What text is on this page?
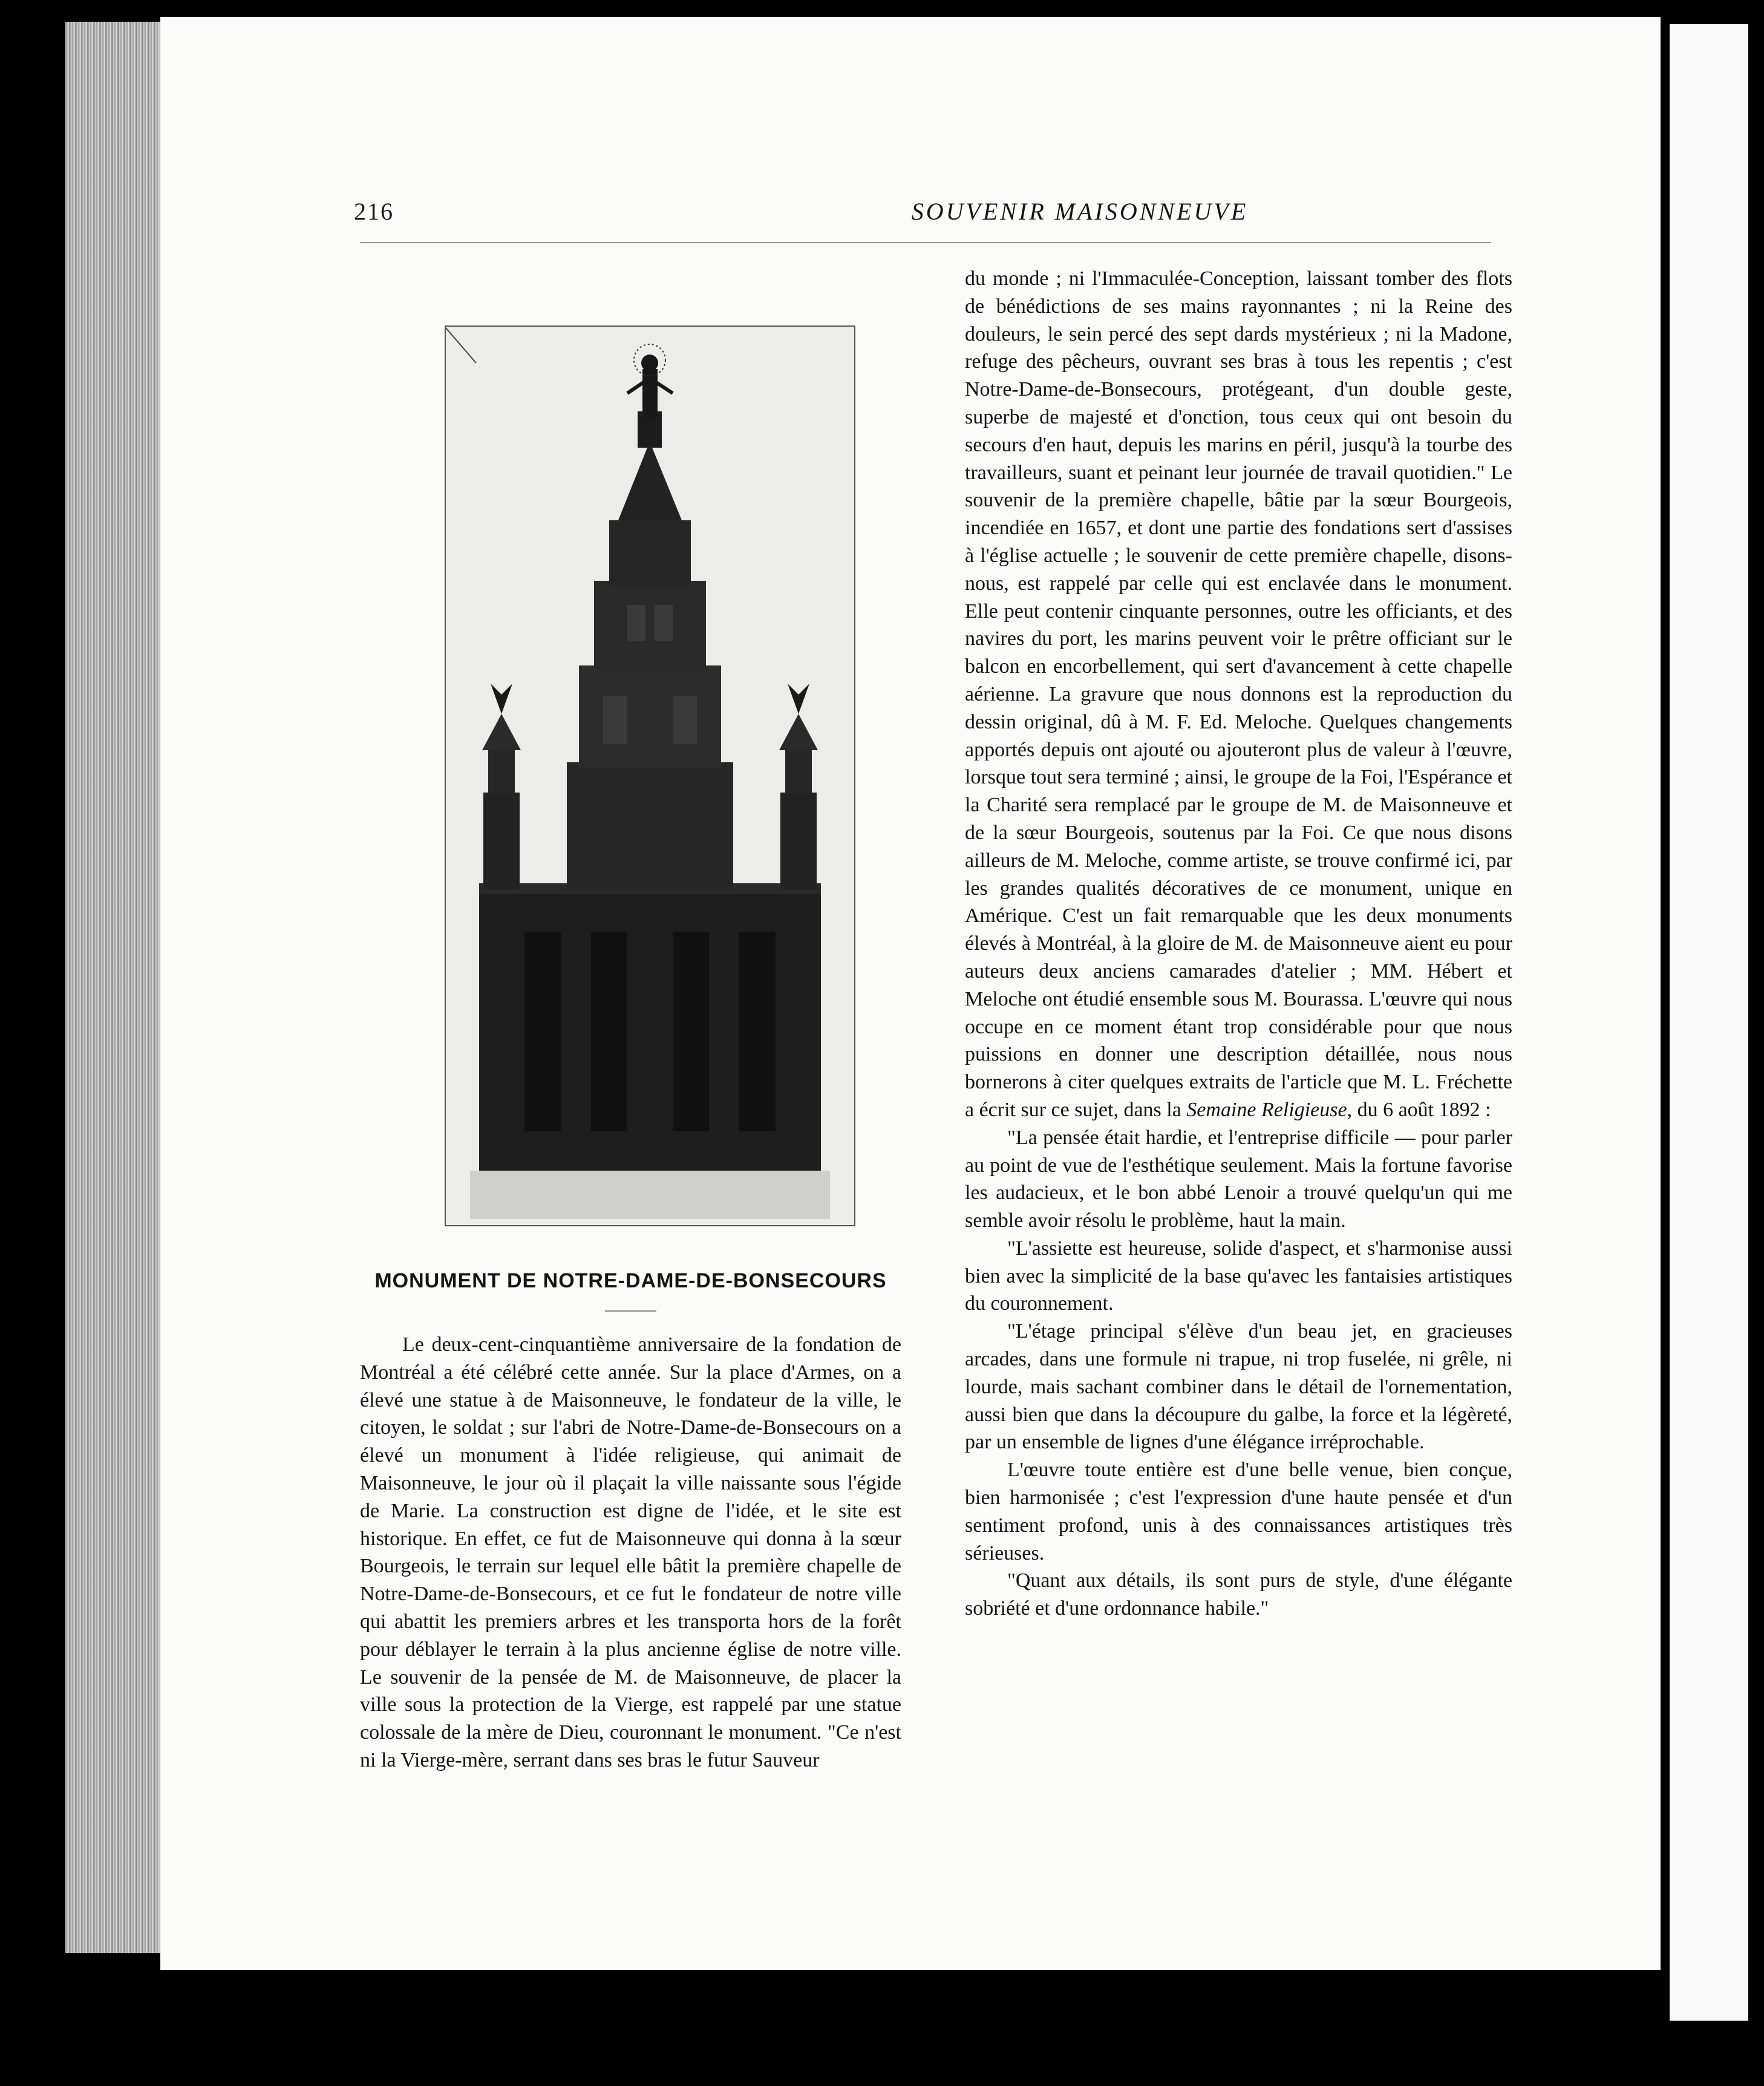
216	SOUVENIR MAISONNEUVE
MONUMENT DE NOTRE-DAME-DE-BONSECOURS

Le deux-cent-cinquantième anniversaire de la fondation de Montréal a été célébré cette année. Sur la place d'Armes, on a élevé une statue à de Maisonneuve, le fondateur de la ville, le citoyen, le soldat ; sur l'abri de Notre-Dame-de-Bonsecours on a élevé un monument à l'idée religieuse, qui animait de Maisonneuve, le jour où il plaçait la ville naissante sous l'égide de Marie. La construction est digne de l'idée, et le site est historique. En effet, ce fut de Maisonneuve qui donna à la sœur Bourgeois, le terrain sur lequel elle bâtit la première chapelle de Notre-Dame-de-Bonsecours, et ce fut le fondateur de notre ville qui abattit les premiers arbres et les transporta hors de la forêt pour déblayer le terrain à la plus ancienne église de notre ville. Le souvenir de la pensée de M. de Maisonneuve, de placer la ville sous la protection de la Vierge, est rappelé par une statue colossale de la mère de Dieu, couronnant le monument. "Ce n'est ni la Vierge-mère, serrant dans ses bras le futur Sauveur

du monde ; ni l'Immaculée-Conception, laissant tomber des flots de bénédictions de ses mains rayonnantes ; ni la Reine des douleurs, le sein percé des sept dards mystérieux ; ni la Madone, refuge des pêcheurs, ouvrant ses bras à tous les repentis ; c'est Notre-Dame-de-Bonsecours, protégeant, d'un double geste, superbe de majesté et d'onction, tous ceux qui ont besoin du secours d'en haut, depuis les marins en péril, jusqu'à la tourbe des travailleurs, suant et peinant leur journée de travail quotidien." Le souvenir de la première chapelle, bâtie par la sœur Bourgeois, incendiée en 1657, et dont une partie des fondations sert d'assises à l'église actuelle ; le souvenir de cette première chapelle, disons-nous, est rappelé par celle qui est enclavée dans le monument. Elle peut contenir cinquante personnes, outre les officiants, et des navires du port, les marins peuvent voir le prêtre officiant sur le balcon en encorbellement, qui sert d'avancement à cette chapelle aérienne. La gravure que nous donnons est la reproduction du dessin original, dû à M. F. Ed. Meloche. Quelques changements apportés depuis ont ajouté ou ajouteront plus de valeur à l'œuvre, lorsque tout sera terminé ; ainsi, le groupe de la Foi, l'Espérance et la Charité sera remplacé par le groupe de M. de Maisonneuve et de la sœur Bourgeois, soutenus par la Foi. Ce que nous disons ailleurs de M. Meloche, comme artiste, se trouve confirmé ici, par les grandes qualités décoratives de ce monument, unique en Amérique. C'est un fait remarquable que les deux monuments élevés à Montréal, à la gloire de M. de Maisonneuve aient eu pour auteurs deux anciens camarades d'atelier ; MM. Hébert et Meloche ont étudié ensemble sous M. Bourassa. L'œuvre qui nous occupe en ce moment étant trop considérable pour que nous puissions en donner une description détaillée, nous nous bornerons à citer quelques extraits de l'article que M. L. Fréchette a écrit sur ce sujet, dans la Semaine Religieuse, du 6 août 1892 :

"La pensée était hardie, et l'entreprise difficile — pour parler au point de vue de l'esthétique seulement. Mais la fortune favorise les audacieux, et le bon abbé Lenoir a trouvé quelqu'un qui me semble avoir résolu le problème, haut la main.

"L'assiette est heureuse, solide d'aspect, et s'harmonise aussi bien avec la simplicité de la base qu'avec les fantaisies artistiques du couronnement.

"L'étage principal s'élève d'un beau jet, en gracieuses arcades, dans une formule ni trapue, ni trop fuselée, ni grêle, ni lourde, mais sachant combiner dans le détail de l'ornementation, aussi bien que dans la découpure du galbe, la force et la légèreté, par un ensemble de lignes d'une élégance irréprochable.

L'œuvre toute entière est d'une belle venue, bien conçue, bien harmonisée ; c'est l'expression d'une haute pensée et d'un sentiment profond, unis à des connaissances artistiques très sérieuses.

"Quant aux détails, ils sont purs de style, d'une élégante sobriété et d'une ordonnance habile."
